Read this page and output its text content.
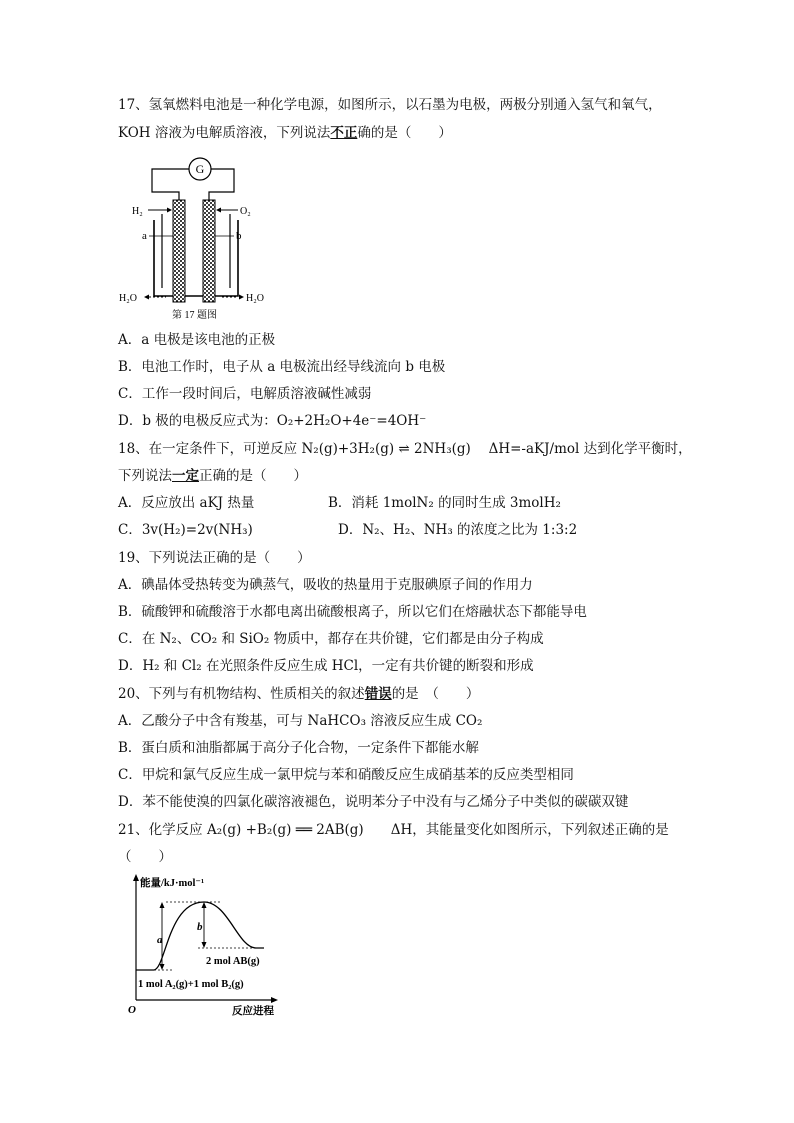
17、氢氧燃料电池是一种化学电源，如图所示，以石墨为电极，两极分别通入氢气和氧气，
KOH 溶液为电解质溶液，下列说法不正确的是（　　）
G
H₂	O₂
a	b
H₂O	H₂O
第 17 题图
A．a 电极是该电池的正极
B．电池工作时，电子从 a 电极流出经导线流向 b 电极
C．工作一段时间后，电解质溶液碱性减弱
D．b 极的电极反应式为：O₂+2H₂O+4e⁻=4OH⁻
18、在一定条件下，可逆反应 N₂(g)+3H₂(g) ⇌ 2NH₃(g)　 ΔH=-aKJ/mol 达到化学平衡时，
下列说法一定正确的是（　　）
A．反应放出 aKJ 热量	B．消耗 1molN₂ 的同时生成 3molH₂
C．3v(H₂)=2v(NH₃)	D．N₂、H₂、NH₃ 的浓度之比为 1:3:2
19、下列说法正确的是（　　）
A．碘晶体受热转变为碘蒸气，吸收的热量用于克服碘原子间的作用力
B．硫酸钾和硫酸溶于水都电离出硫酸根离子，所以它们在熔融状态下都能导电
C．在 N₂、CO₂ 和 SiO₂ 物质中，都存在共价键，它们都是由分子构成
D．H₂ 和 Cl₂ 在光照条件反应生成 HCl，一定有共价键的断裂和形成
20、下列与有机物结构、性质相关的叙述错误的是　（　　）
A．乙酸分子中含有羧基，可与 NaHCO₃ 溶液反应生成 CO₂
B．蛋白质和油脂都属于高分子化合物，一定条件下都能水解
C．甲烷和氯气反应生成一氯甲烷与苯和硝酸反应生成硝基苯的反应类型相同
D．苯不能使溴的四氯化碳溶液褪色，说明苯分子中没有与乙烯分子中类似的碳碳双键
21、化学反应 A₂(g) +B₂(g) ══ 2AB(g)　　ΔH，其能量变化如图所示，下列叙述正确的是
（　　）
能量/kJ·mol⁻¹
O	反应进程
a
b
2 mol AB(g)
1 mol A₂(g)+1 mol B₂(g)
